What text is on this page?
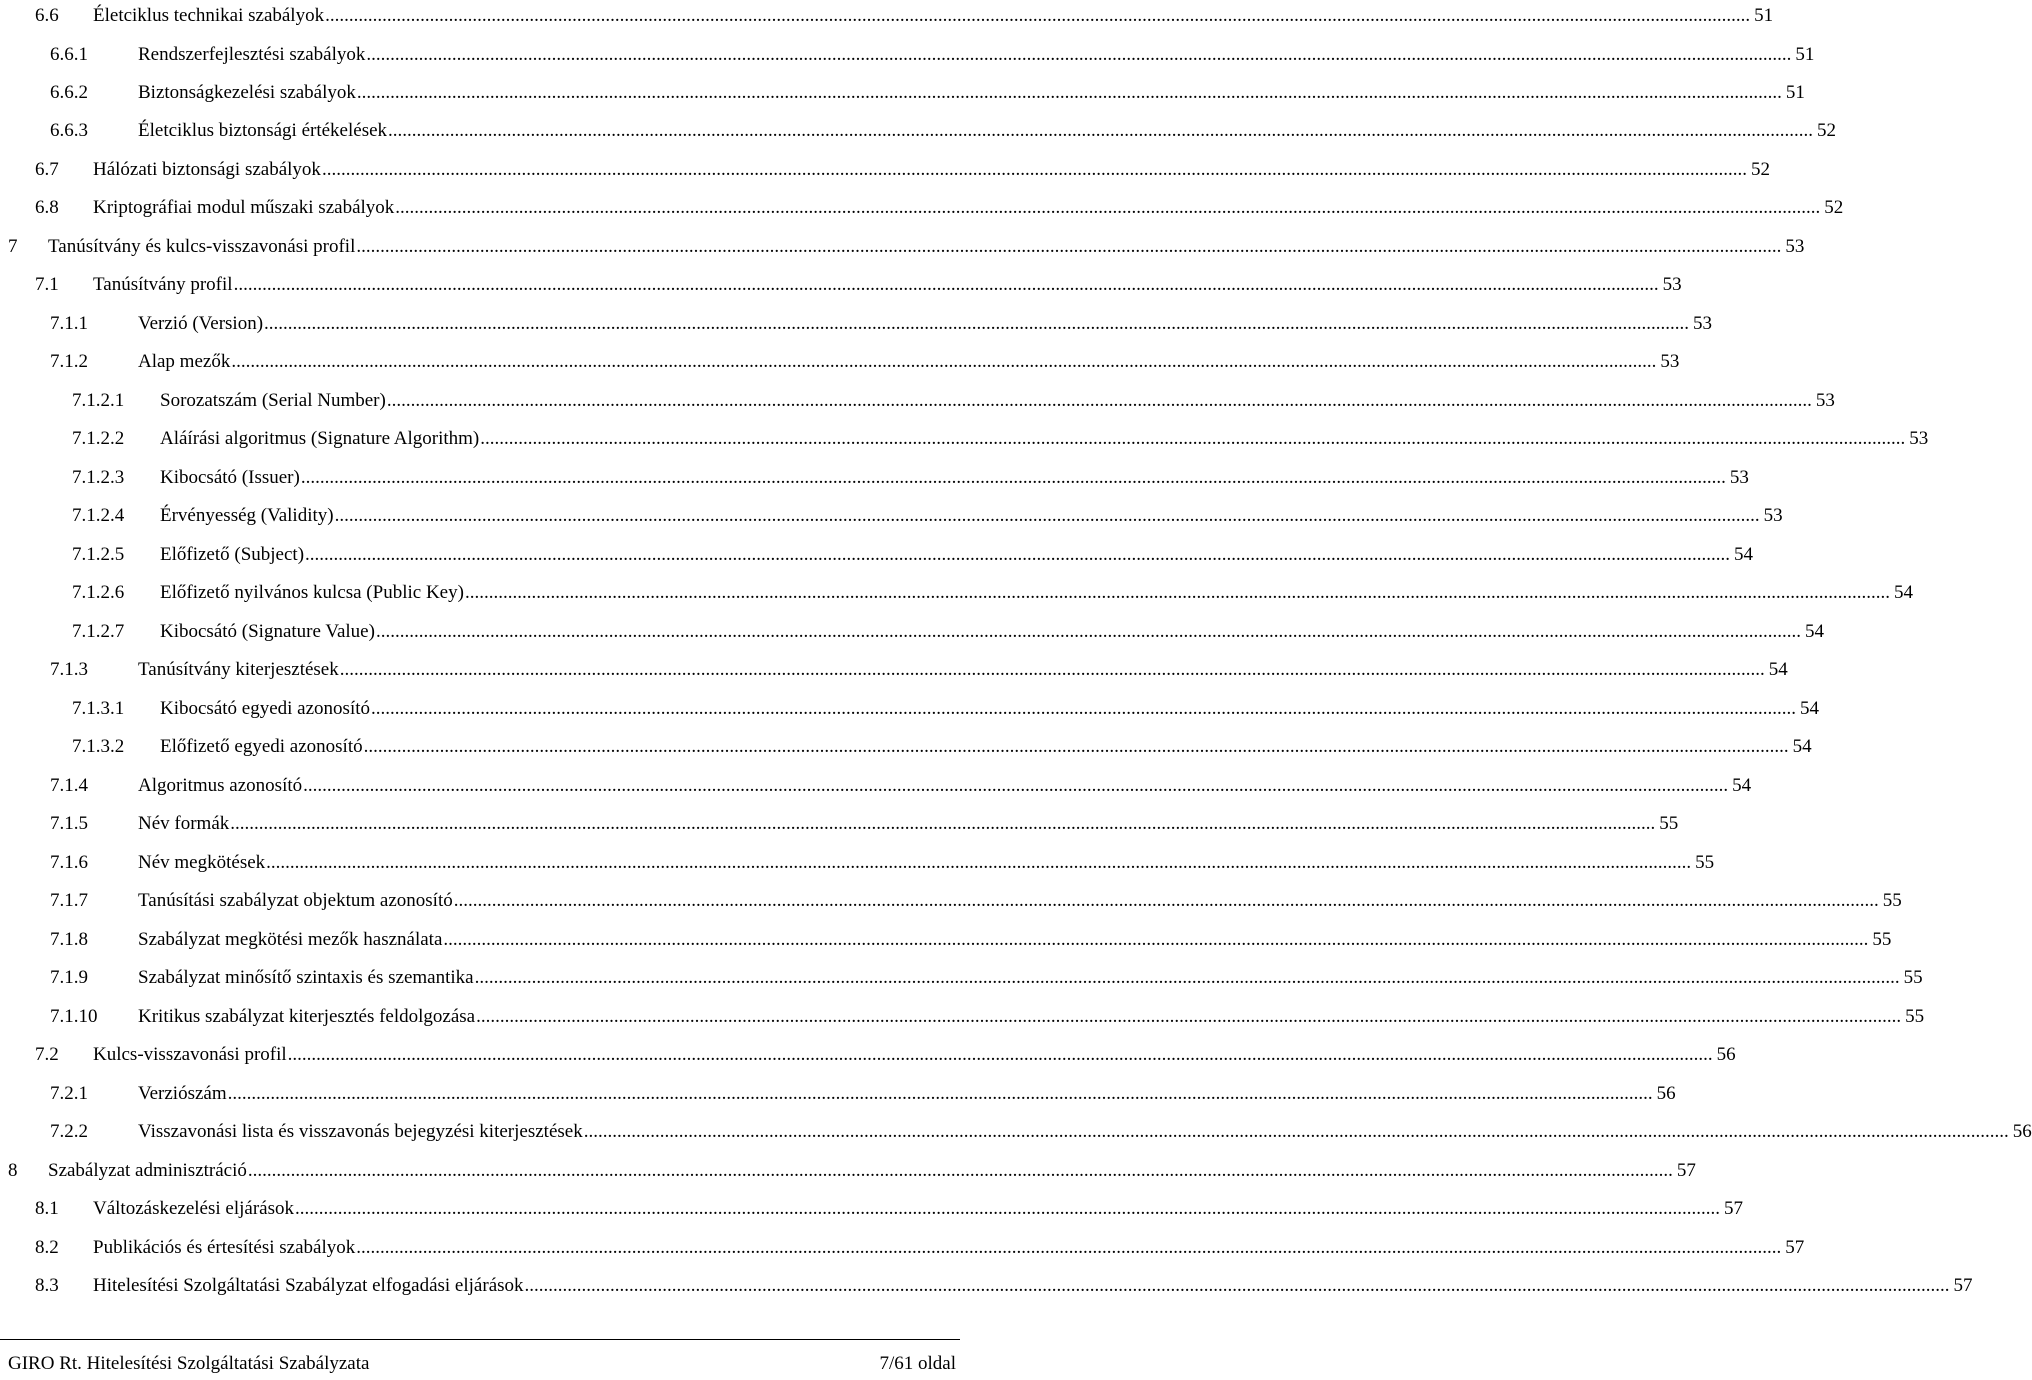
6.6 Életciklus technikai szabályok ............................................................................................................................................................................................................................................................................................................ 51
6.6.1	Rendszerfejlesztési szabályok ............................................................................................................................................................................................................................................................................................................ 51
6.6.2	Biztonságkezelési szabályok ............................................................................................................................................................................................................................................................................................................ 51
6.6.3	Életciklus biztonsági értékelések ............................................................................................................................................................................................................................................................................................................ 52
6.7 Hálózati biztonsági szabályok ............................................................................................................................................................................................................................................................................................................ 52
6.8 Kriptográfiai modul műszaki szabályok ............................................................................................................................................................................................................................................................................................................ 52
7 Tanúsítvány és kulcs-visszavonási profil ............................................................................................................................................................................................................................................................................................................ 53
7.1 Tanúsítvány profil ............................................................................................................................................................................................................................................................................................................ 53
7.1.1	Verzió (Version) ............................................................................................................................................................................................................................................................................................................ 53
7.1.2	Alap mezők ............................................................................................................................................................................................................................................................................................................ 53
7.1.2.1 Sorozatszám (Serial Number) ............................................................................................................................................................................................................................................................................................................ 53
7.1.2.2 Aláírási algoritmus (Signature Algorithm) ............................................................................................................................................................................................................................................................................................................ 53
7.1.2.3 Kibocsátó (Issuer) ............................................................................................................................................................................................................................................................................................................ 53
7.1.2.4 Érvényesség (Validity) ............................................................................................................................................................................................................................................................................................................ 53
7.1.2.5 Előfizető (Subject) ............................................................................................................................................................................................................................................................................................................ 54
7.1.2.6 Előfizető nyilvános kulcsa (Public Key) ............................................................................................................................................................................................................................................................................................................ 54
7.1.2.7 Kibocsátó (Signature Value) ............................................................................................................................................................................................................................................................................................................ 54
7.1.3	Tanúsítvány kiterjesztések ............................................................................................................................................................................................................................................................................................................ 54
7.1.3.1 Kibocsátó egyedi azonosító ............................................................................................................................................................................................................................................................................................................ 54
7.1.3.2 Előfizető egyedi azonosító ............................................................................................................................................................................................................................................................................................................ 54
7.1.4	Algoritmus azonosító ............................................................................................................................................................................................................................................................................................................ 54
7.1.5	Név formák ............................................................................................................................................................................................................................................................................................................ 55
7.1.6	Név megkötések ............................................................................................................................................................................................................................................................................................................ 55
7.1.7	Tanúsítási szabályzat objektum azonosító ............................................................................................................................................................................................................................................................................................................ 55
7.1.8	Szabályzat megkötési mezők használata ............................................................................................................................................................................................................................................................................................................ 55
7.1.9	Szabályzat minősítő szintaxis és szemantika ............................................................................................................................................................................................................................................................................................................ 55
7.1.10 Kritikus szabályzat kiterjesztés feldolgozása ............................................................................................................................................................................................................................................................................................................ 55
7.2 Kulcs-visszavonási profil ............................................................................................................................................................................................................................................................................................................ 56
7.2.1	Verziószám ............................................................................................................................................................................................................................................................................................................ 56
7.2.2	Visszavonási lista és visszavonás bejegyzési kiterjesztések ............................................................................................................................................................................................................................................................................................................ 56
8 Szabályzat adminisztráció ............................................................................................................................................................................................................................................................................................................ 57
8.1 Változáskezelési eljárások ............................................................................................................................................................................................................................................................................................................ 57
8.2 Publikációs és értesítési szabályok ............................................................................................................................................................................................................................................................................................................ 57
8.3 Hitelesítési Szolgáltatási Szabályzat elfogadási eljárások ............................................................................................................................................................................................................................................................................................................ 57
GIRO Rt. Hitelesítési Szolgáltatási Szabályzata	7/61 oldal
